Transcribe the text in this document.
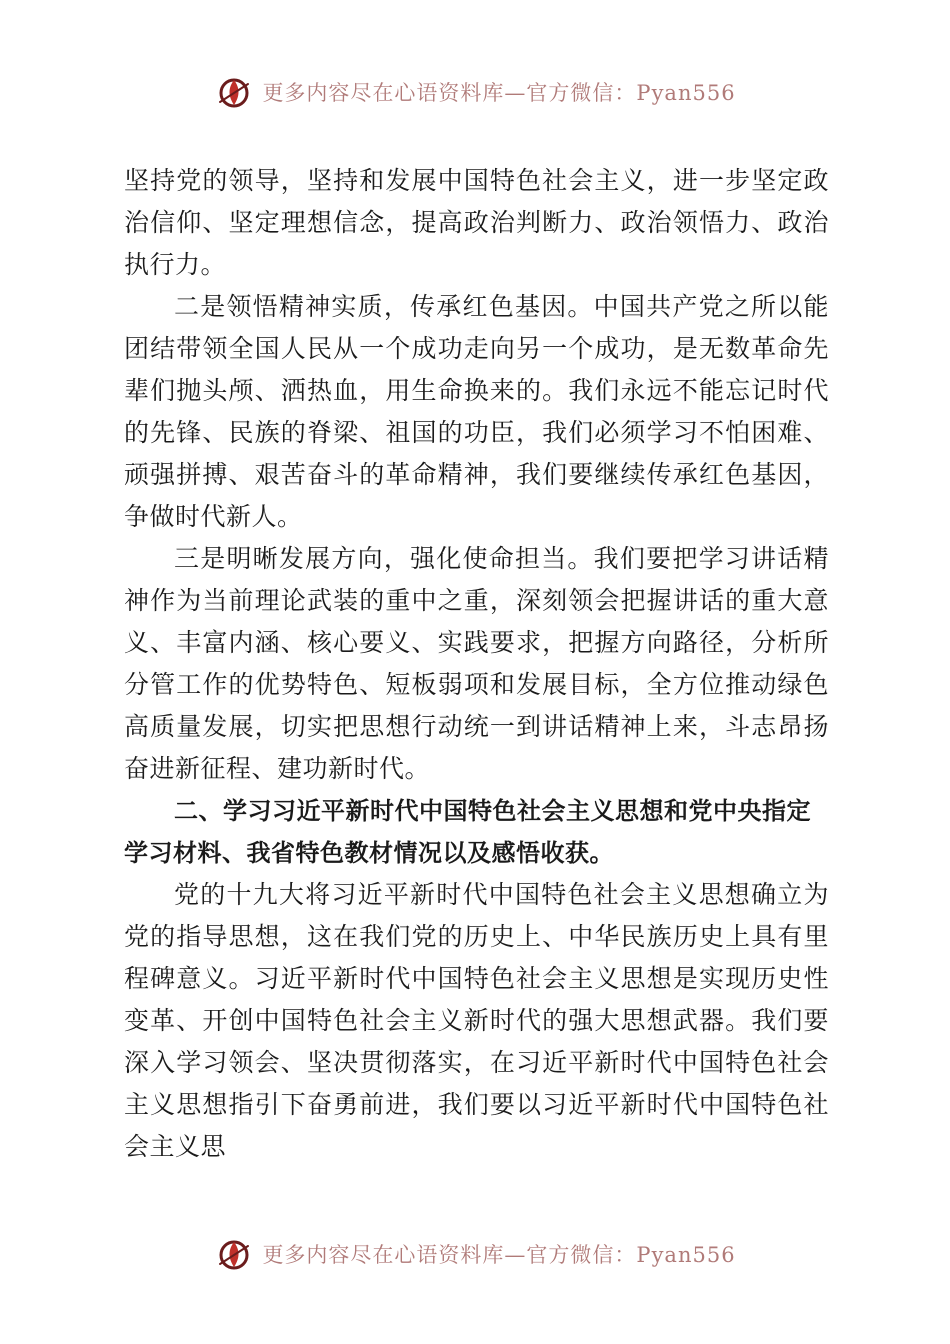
更多内容尽在心语资料库—官方微信：Pyan556

坚持党的领导，坚持和发展中国特色社会主义，进一步坚定政治信仰、坚定理想信念，提高政治判断力、政治领悟力、政治执行力。

二是领悟精神实质，传承红色基因。中国共产党之所以能团结带领全国人民从一个成功走向另一个成功，是无数革命先辈们抛头颅、洒热血，用生命换来的。我们永远不能忘记时代的先锋、民族的脊梁、祖国的功臣，我们必须学习不怕困难、顽强拼搏、艰苦奋斗的革命精神，我们要继续传承红色基因，争做时代新人。

三是明晰发展方向，强化使命担当。我们要把学习讲话精神作为当前理论武装的重中之重，深刻领会把握讲话的重大意义、丰富内涵、核心要义、实践要求，把握方向路径，分析所分管工作的优势特色、短板弱项和发展目标，全方位推动绿色高质量发展，切实把思想行动统一到讲话精神上来，斗志昂扬奋进新征程、建功新时代。

二、学习习近平新时代中国特色社会主义思想和党中央指定学习材料、我省特色教材情况以及感悟收获。

党的十九大将习近平新时代中国特色社会主义思想确立为党的指导思想，这在我们党的历史上、中华民族历史上具有里程碑意义。习近平新时代中国特色社会主义思想是实现历史性变革、开创中国特色社会主义新时代的强大思想武器。我们要深入学习领会、坚决贯彻落实，在习近平新时代中国特色社会主义思想指引下奋勇前进，我们要以习近平新时代中国特色社会主义思

更多内容尽在心语资料库—官方微信：Pyan556
